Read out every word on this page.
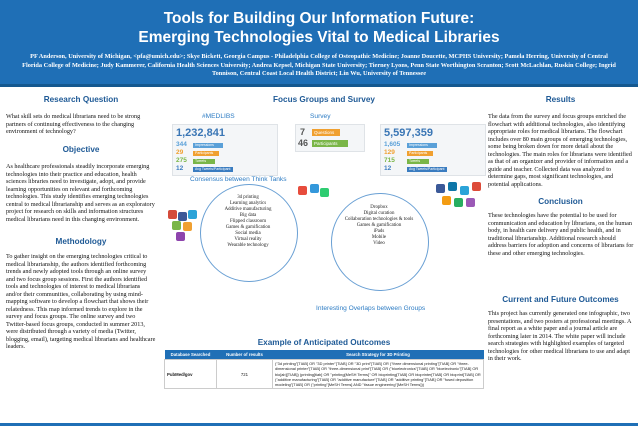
Tools for Building Our Information Future:
Emerging Technologies Vital to Medical Libraries
PF Anderson, University of Michigan, <pfa@umich.edu>; Skye Bickett, Georgia Campus - Philadelphia College of Osteopathic Medicine; Joanne Doucette, MCPHS University; Pamela Herring, University of Central Florida College of Medicine; Judy Kammerer, California Health Sciences University; Andrea Kepsel, Michigan State University; Tierney Lyons, Penn State Worthington Scranton; Scott McLachlan, Ruskin College; Ingrid Tonnison, Central Coast Local Health District; Lin Wu, University of Tennessee
Research Question
What skill sets do medical librarians need to be strong partners of continuing effectiveness to the changing environment of technology?
Objective
As healthcare professionals steadily incorporate emerging technologies into their practice and education, health sciences libraries need to investigate, adopt, and provide learning opportunities on relevant and forthcoming technologies. This study identifies emerging technologies central to medical librarianship and serves as an exploratory project for research on skills and information structures medical librarians need in this changing environment.
Methodology
To gather insight on the emerging technologies critical to medical librarianship, the authors identified forthcoming trends and newly adopted tools through an online survey and two focus group sessions. First the authors identified tools and technologies of interest to medical librarians and/or their communities, collaborating by using mind-mapping software to develop a flowchart that shows their relatedness. This map informed trends to explore in the survey and focus groups. The online survey and two Twitter-based focus groups, conducted in summer 2013, were distributed through a variety of media (Twitter, blogging, email), targeting medical librarians and healthcare leaders.
Focus Groups and Survey
#MEDLIBS	Survey
1,232,841
344
29
275
12
Impressions
Participants
Tweets
Avg Tweets/Participant
7	Questions
46	Participants
5,597,359
1,605
129
715
12
Impressions
Participants
Tweets
Avg Tweets/Participant
Consensus between Think Tanks
3d printing
Learning analytics
Additive manufacturing
Big data
Flipped classroom
Games & gamification
Social media
Virtual reality
Wearable technology
Dropbox
Digital curation
Collaboration technologies & tools
Games & gamification
iPads
Mobile
Video
Interesting Overlaps between Groups
Example of Anticipated Outcomes
Database Searched	Number of results	Search Strategy for 3D Printing
PubMed/gov	721	("3d printing"[TIAB] OR "3D printer"[TIAB] OR "3D print"[TIAB] OR ("three dimensional printing"[TIAB] OR "three-dimensional printer"[TIAB] OR "three-dimensional print"[TIAB] OR ("bioelectronics"[TIAB] OR "bioelectronic"[TIAB] OR bio[ab][TIAB]) (printing[tiab] OR "printing[MeSH Terms]" OR bioprinting[TIAB] OR bioprinter[TIAB] OR bioprint[TIAB] OR ("additive manufacturing"[TIAB] OR "additive manufacture"[TIAB] OR "additive printing"[TIAB] OR "fused deposition modeling"[TIAB] OR ("printing"[MeSH Terms] AND "tissue engineering"[MeSH Terms]))
Results
The data from the survey and focus groups enriched the flowchart with additional technologies, also identifying appropriate roles for medical librarians. The flowchart includes over 80 main groups of emerging technologies, some being broken down for more detail about the technologies. The main roles for librarians were identified as that of an organizer and provider of information and a guide and teacher. Collected data was analyzed to determine gaps, most significant technologies, and potential applications.
Conclusion
These technologies have the potential to be used for communication and education by librarians, on the human body, in health care delivery and public health, and in traditional librarianship. Additional research should address barriers for adoption and concerns of librarians for these and other emerging technologies.
Current and Future Outcomes
This project has currently generated one infographic, two presentations, and two posters at professional meetings. A final report as a white paper and a journal article are forthcoming later in 2014. The white paper will include search strategies with highlighted examples of targeted technologies for other medical librarians to use and adapt in their work.
